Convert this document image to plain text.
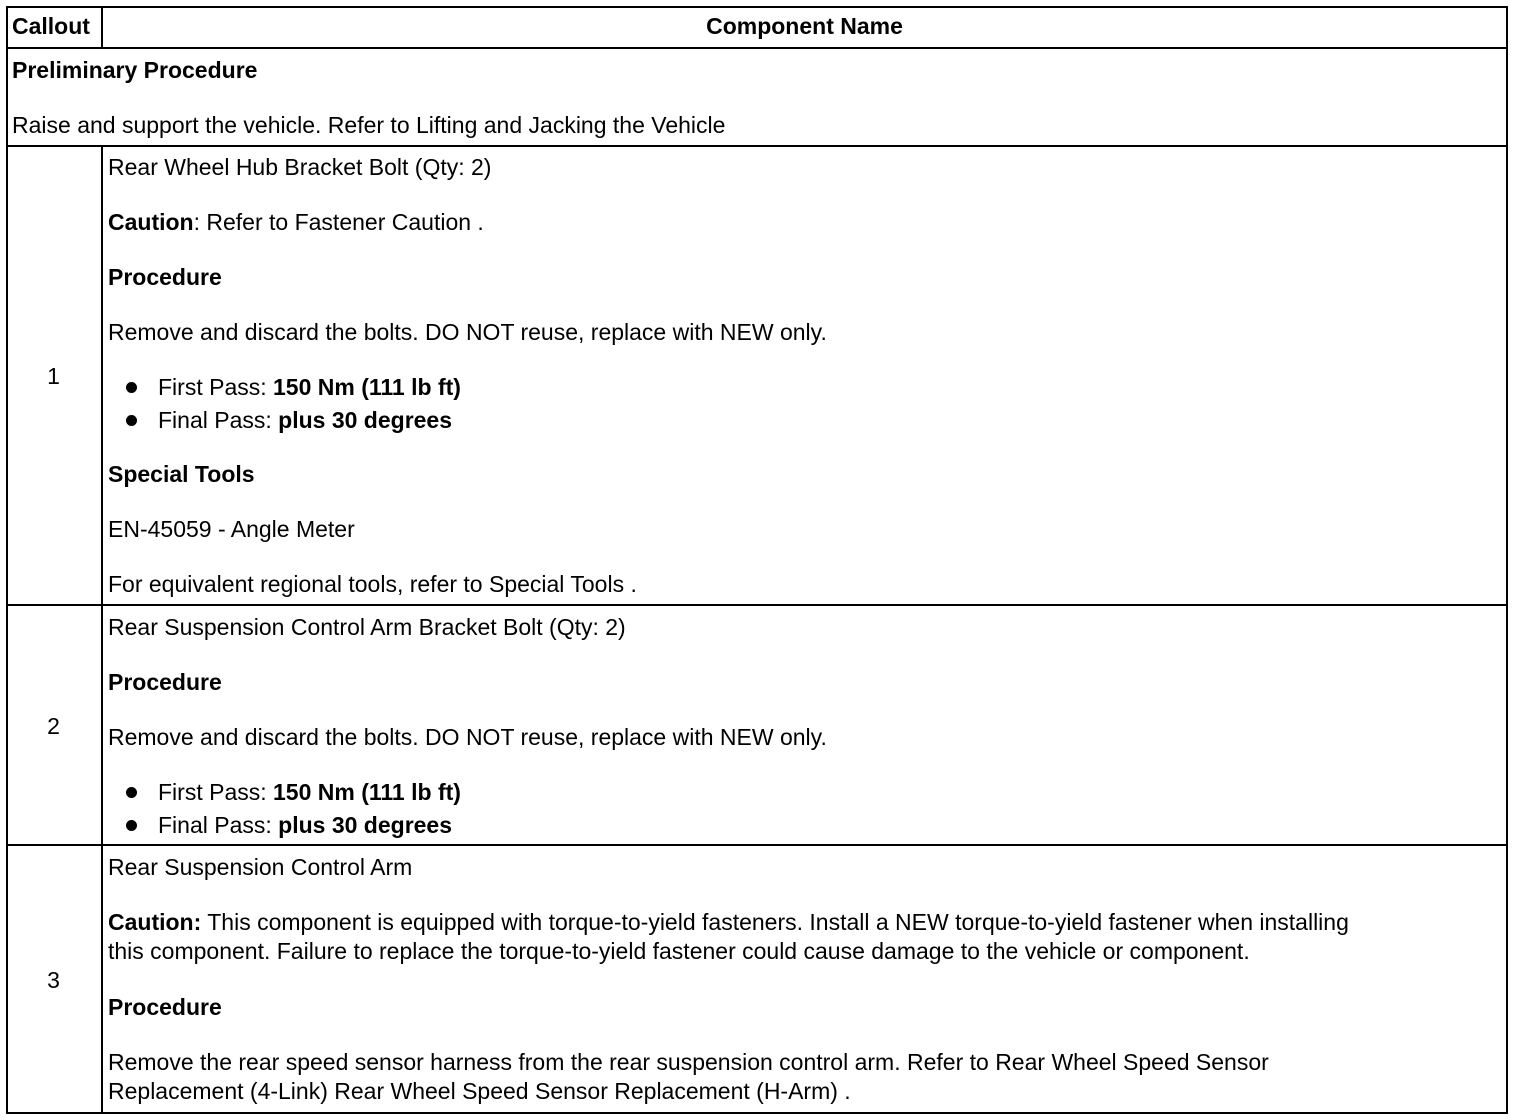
Callout	Component Name
Preliminary Procedure
Raise and support the vehicle. Refer to Lifting and Jacking the Vehicle
1
Rear Wheel Hub Bracket Bolt (Qty: 2)
Caution: Refer to Fastener Caution .
Procedure
Remove and discard the bolts. DO NOT reuse, replace with NEW only.
First Pass: 150 Nm (111 lb ft)
Final Pass: plus 30 degrees
Special Tools
EN-45059 - Angle Meter
For equivalent regional tools, refer to Special Tools .
2
Rear Suspension Control Arm Bracket Bolt (Qty: 2)
Procedure
Remove and discard the bolts. DO NOT reuse, replace with NEW only.
First Pass: 150 Nm (111 lb ft)
Final Pass: plus 30 degrees
3
Rear Suspension Control Arm
Caution: This component is equipped with torque-to-yield fasteners. Install a NEW torque-to-yield fastener when installing
this component. Failure to replace the torque-to-yield fastener could cause damage to the vehicle or component.
Procedure
Remove the rear speed sensor harness from the rear suspension control arm. Refer to Rear Wheel Speed Sensor
Replacement (4-Link) Rear Wheel Speed Sensor Replacement (H-Arm) .
